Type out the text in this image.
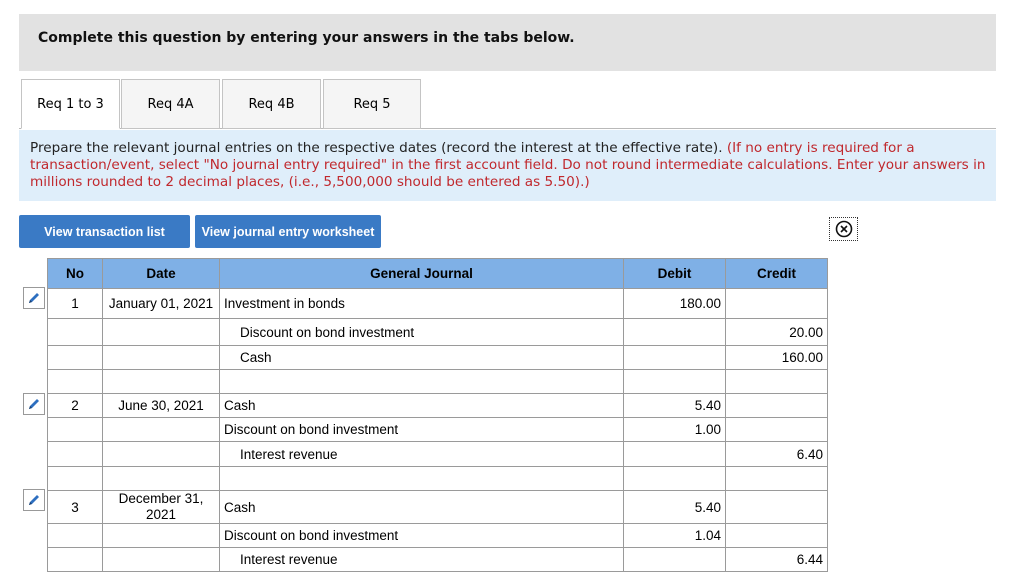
Complete this question by entering your answers in the tabs below.
Req 1 to 3	Req 4A	Req 4B	Req 5
Prepare the relevant journal entries on the respective dates (record the interest at the effective rate). (If no entry is required for a transaction/event, select "No journal entry required" in the first account field. Do not round intermediate calculations. Enter your answers in millions rounded to 2 decimal places, (i.e., 5,500,000 should be entered as 5.50).)
View transaction list	View journal entry worksheet
No	Date	General Journal	Debit	Credit
1	January 01, 2021	Investment in bonds	180.00	
		Discount on bond investment		20.00
		Cash		160.00

2	June 30, 2021	Cash	5.40	
		Discount on bond investment	1.00	
		Interest revenue		6.40

3	December 31, 2021	Cash	5.40	
		Discount on bond investment	1.04	
		Interest revenue		6.44
